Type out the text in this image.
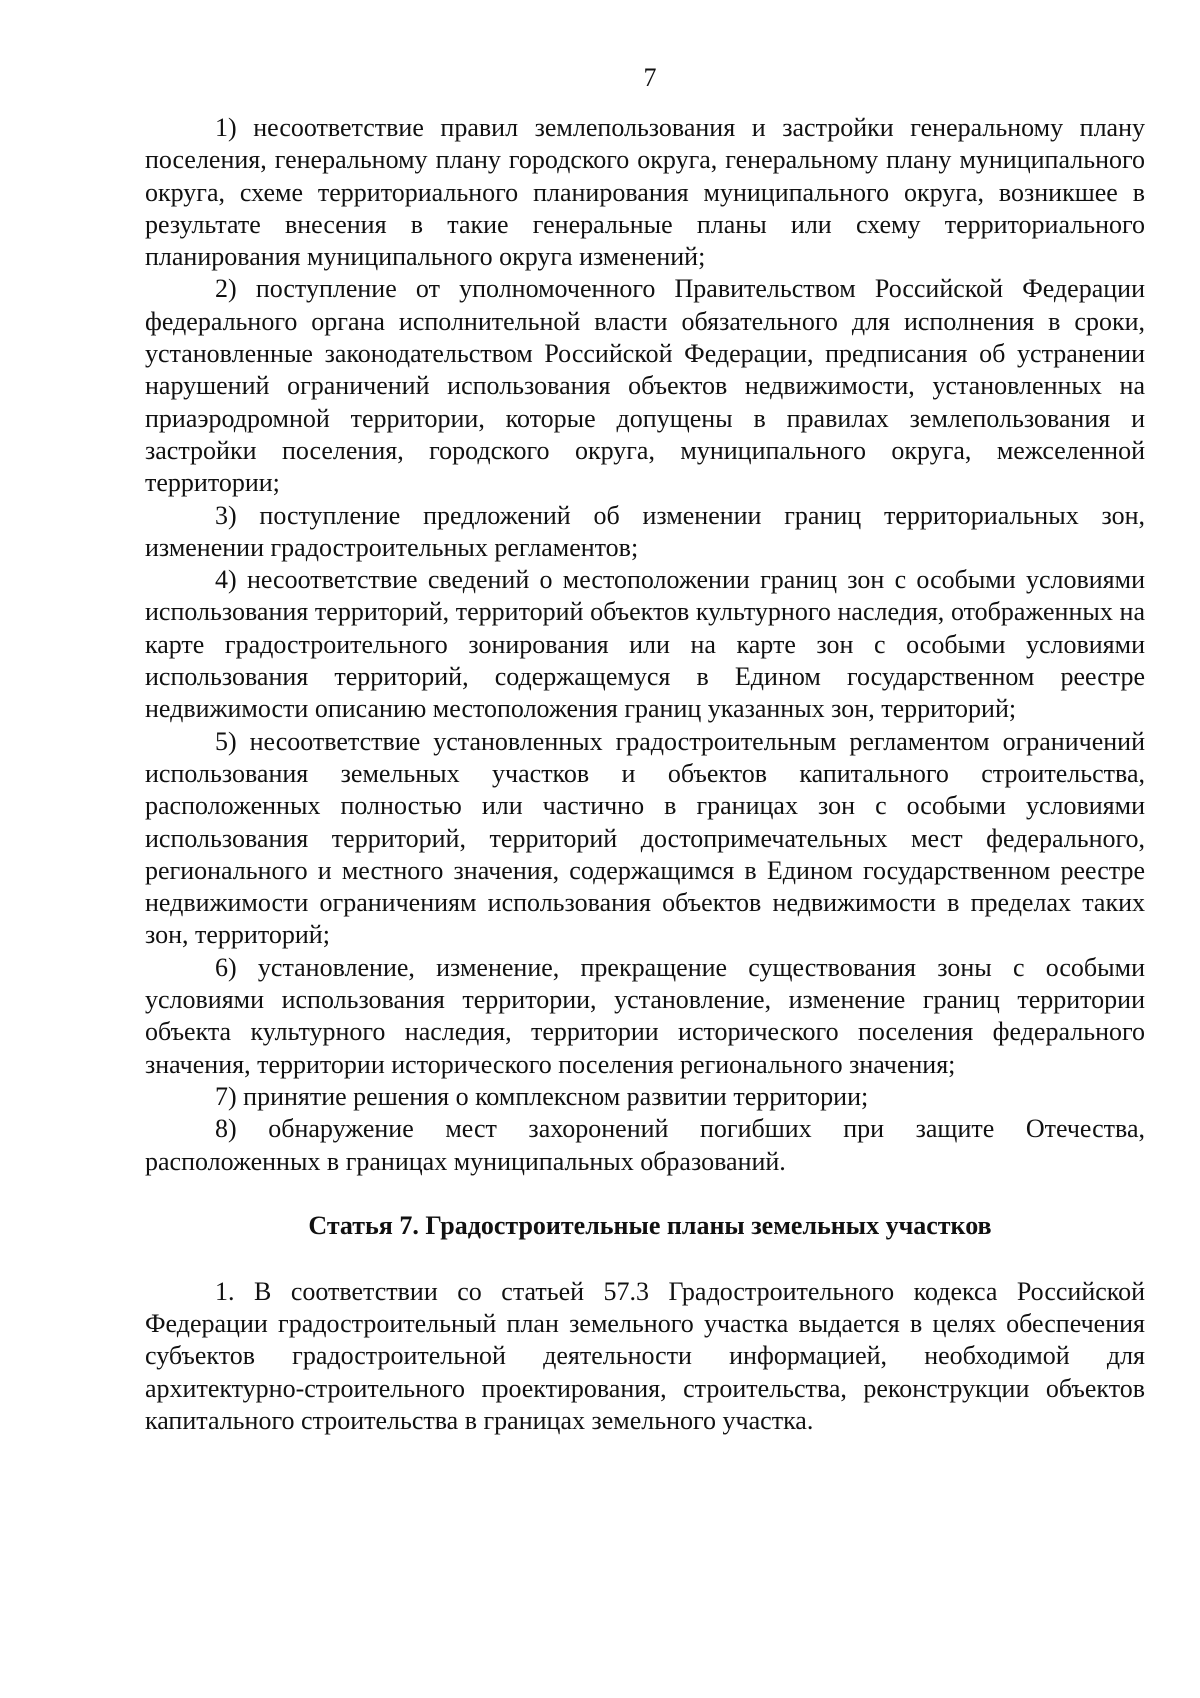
7

1) несоответствие правил землепользования и застройки генеральному плану поселения, генеральному плану городского округа, генеральному плану муниципального округа, схеме территориального планирования муниципального округа, возникшее в результате внесения в такие генеральные планы или схему территориального планирования муниципального округа изменений;

2) поступление от уполномоченного Правительством Российской Федерации федерального органа исполнительной власти обязательного для исполнения в сроки, установленные законодательством Российской Федерации, предписания об устранении нарушений ограничений использования объектов недвижимости, установленных на приаэродромной территории, которые допущены в правилах землепользования и застройки поселения, городского округа, муниципального округа, межселенной территории;

3) поступление предложений об изменении границ территориальных зон, изменении градостроительных регламентов;

4) несоответствие сведений о местоположении границ зон с особыми условиями использования территорий, территорий объектов культурного наследия, отображенных на карте градостроительного зонирования или на карте зон с особыми условиями использования территорий, содержащемуся в Едином государственном реестре недвижимости описанию местоположения границ указанных зон, территорий;

5) несоответствие установленных градостроительным регламентом ограничений использования земельных участков и объектов капитального строительства, расположенных полностью или частично в границах зон с особыми условиями использования территорий, территорий достопримечательных мест федерального, регионального и местного значения, содержащимся в Едином государственном реестре недвижимости ограничениям использования объектов недвижимости в пределах таких зон, территорий;

6) установление, изменение, прекращение существования зоны с особыми условиями использования территории, установление, изменение границ территории объекта культурного наследия, территории исторического поселения федерального значения, территории исторического поселения регионального значения;

7) принятие решения о комплексном развитии территории;

8) обнаружение мест захоронений погибших при защите Отечества, расположенных в границах муниципальных образований.

Статья 7. Градостроительные планы земельных участков

1. В соответствии со статьей 57.3 Градостроительного кодекса Российской Федерации градостроительный план земельного участка выдается в целях обеспечения субъектов градостроительной деятельности информацией, необходимой для архитектурно-строительного проектирования, строительства, реконструкции объектов капитального строительства в границах земельного участка.
